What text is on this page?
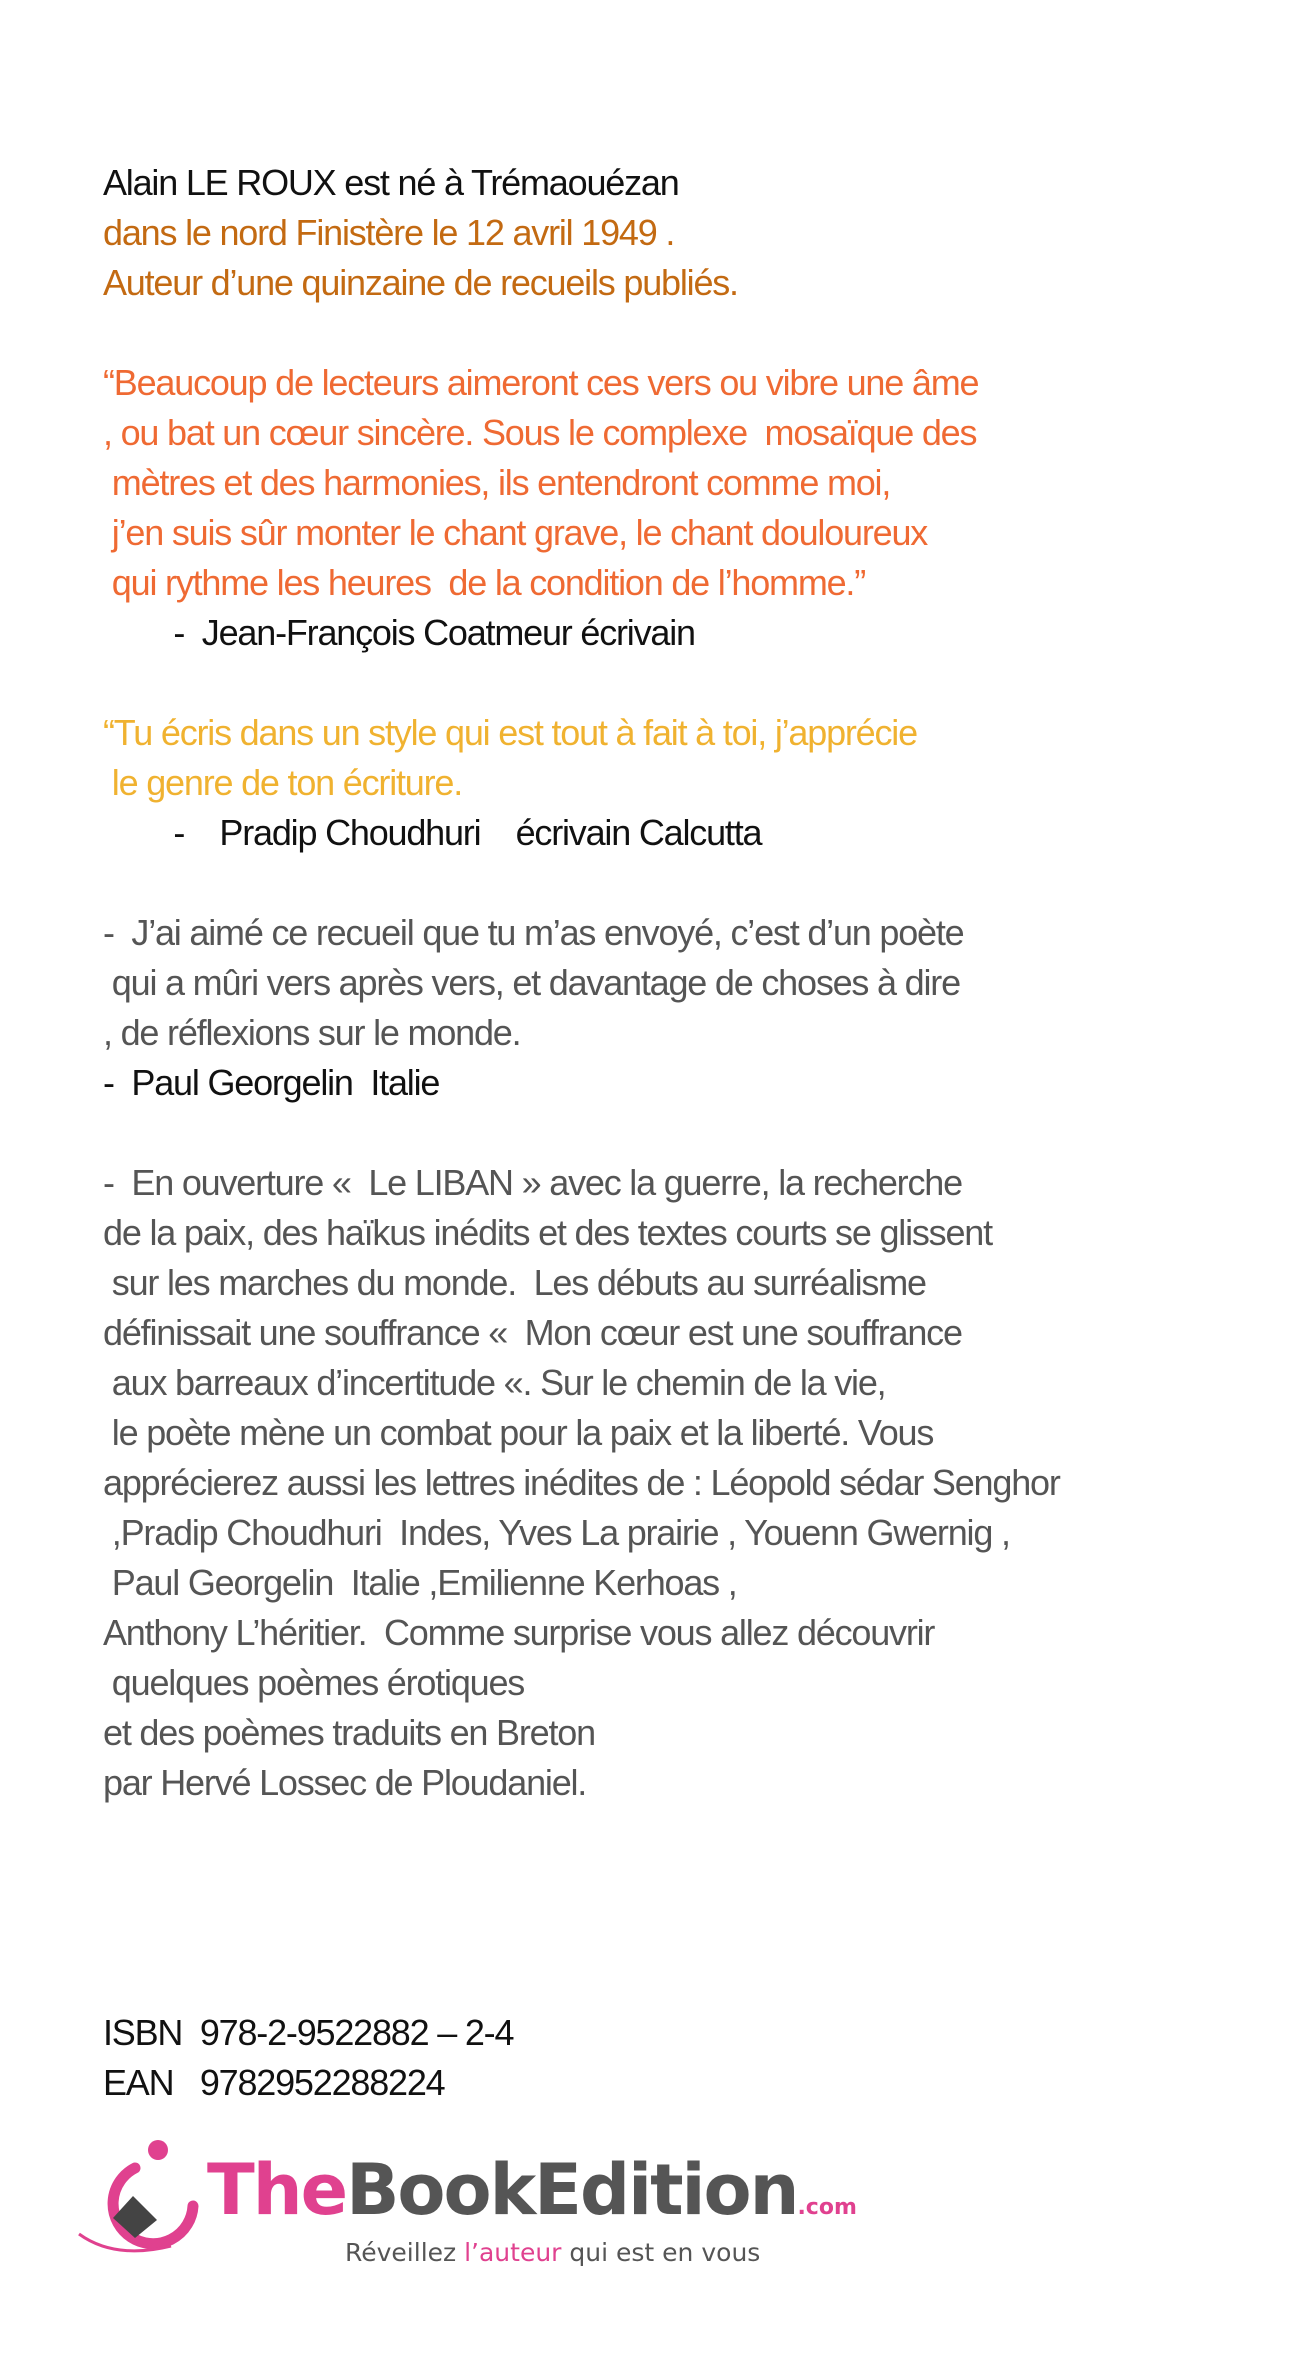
Alain LE ROUX est né à Trémaouézan
dans le nord Finistère le 12 avril 1949 .
Auteur d’une quinzaine de recueils publiés.
“Beaucoup de lecteurs aimeront ces vers ou vibre une âme
, ou bat un cœur sincère. Sous le complexe  mosaïque des
mètres et des harmonies, ils entendront comme moi,
j’en suis sûr monter le chant grave, le chant douloureux
qui rythme les heures  de la condition de l’homme.”
-  Jean-François Coatmeur écrivain
“Tu écris dans un style qui est tout à fait à toi, j’apprécie
le genre de ton écriture.
-    Pradip Choudhuri    écrivain Calcutta
-  J’ai aimé ce recueil que tu m’as envoyé, c’est d’un poète
qui a mûri vers après vers, et davantage de choses à dire
, de réflexions sur le monde.
-  Paul Georgelin  Italie
-  En ouverture «  Le LIBAN » avec la guerre, la recherche
de la paix, des haïkus inédits et des textes courts se glissent
sur les marches du monde.  Les débuts au surréalisme
définissait une souffrance «  Mon cœur est une souffrance
aux barreaux d’incertitude «. Sur le chemin de la vie,
le poète mène un combat pour la paix et la liberté. Vous
apprécierez aussi les lettres inédites de : Léopold sédar Senghor
,Pradip Choudhuri  Indes, Yves La prairie , Youenn Gwernig ,
Paul Georgelin  Italie ,Emilienne Kerhoas ,
Anthony L’héritier.  Comme surprise vous allez découvrir
quelques poèmes érotiques
et des poèmes traduits en Breton
par Hervé Lossec de Ploudaniel.
ISBN  978-2-9522882 – 2-4
EAN   9782952288224
TheBookEdition.com
Réveillez l’auteur qui est en vous
